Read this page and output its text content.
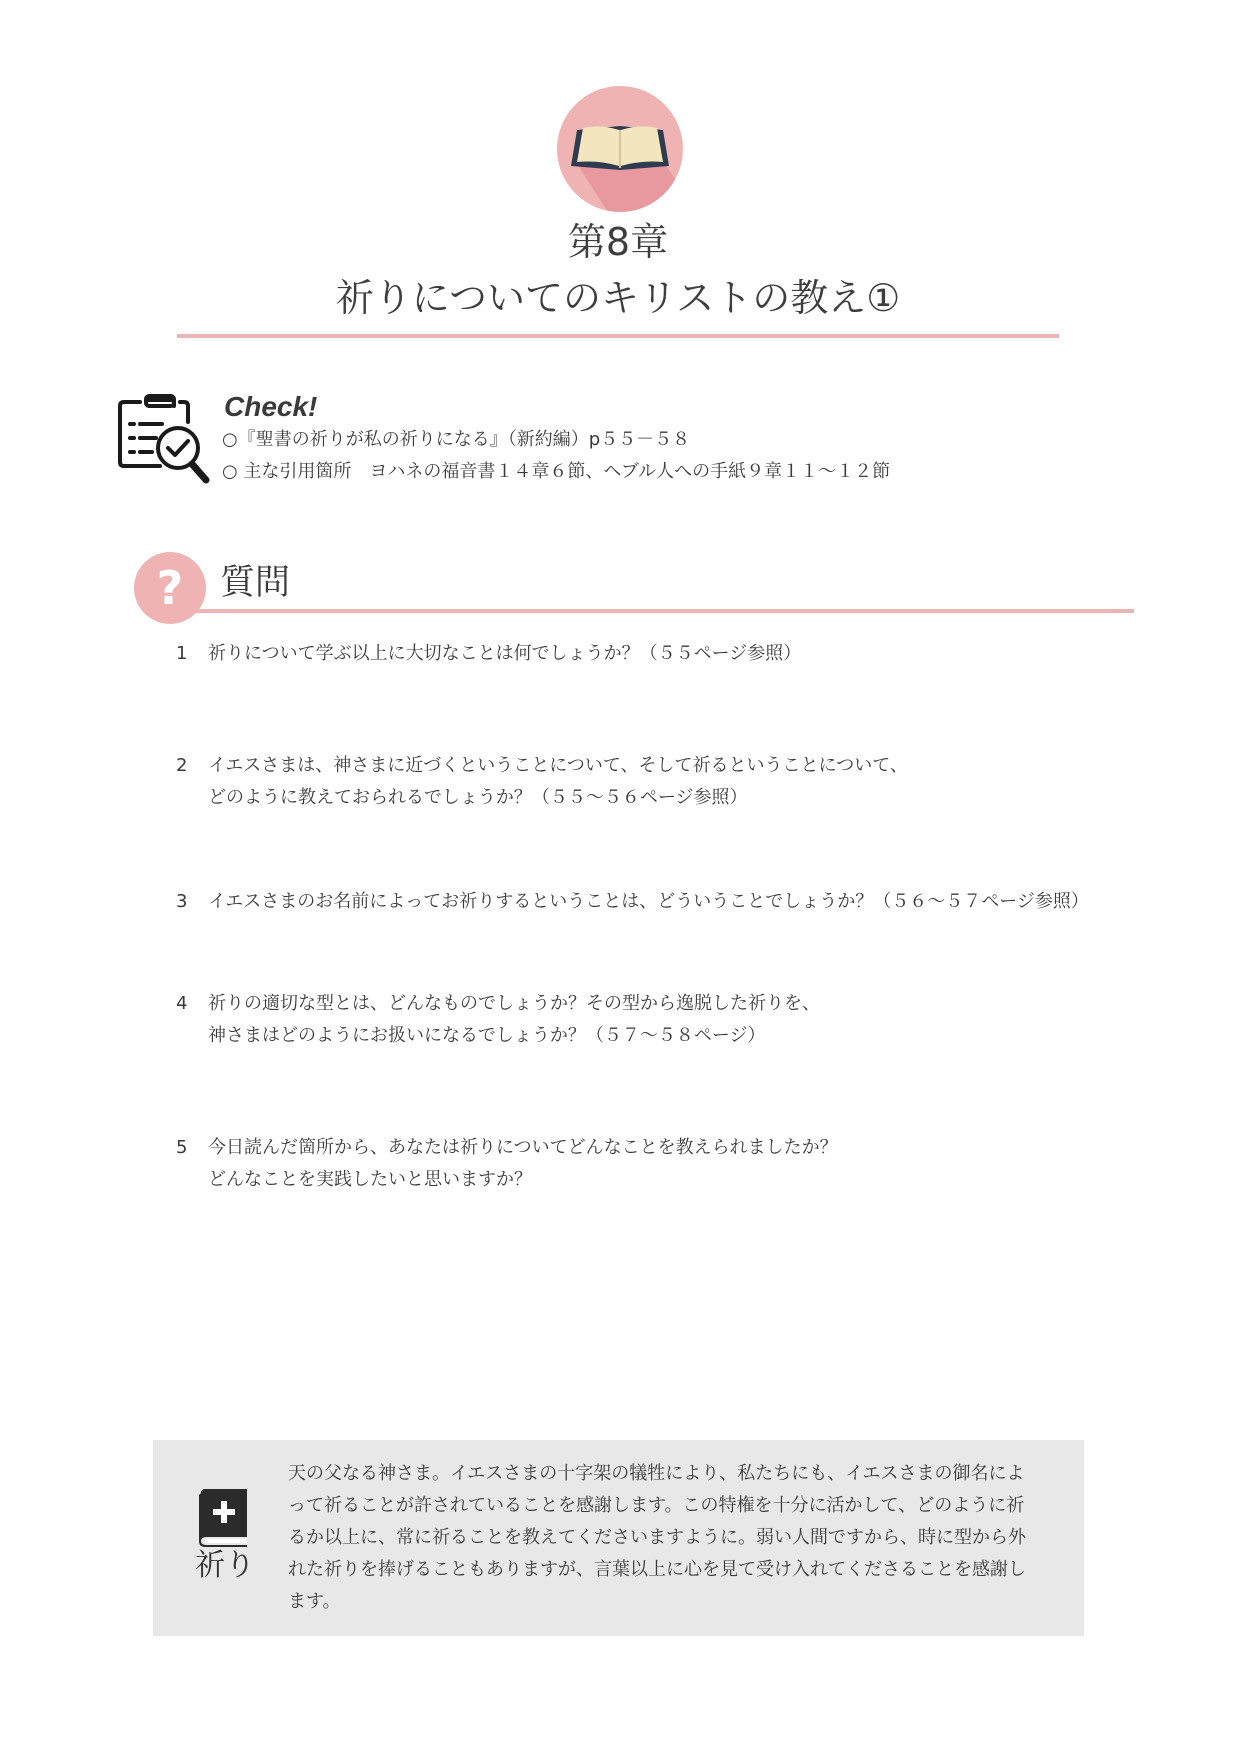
第8章
祈りについてのキリストの教え①
Check!
○『聖書の祈りが私の祈りになる』（新約編）p５５－５８
○ 主な引用箇所　ヨハネの福音書１４章６節、ヘブル人への手紙９章１１～１２節
? 質問
1	祈りについて学ぶ以上に大切なことは何でしょうか？（５５ページ参照）
2	イエスさまは、神さまに近づくということについて、そして祈るということについて、
どのように教えておられるでしょうか？（５５～５６ページ参照）
3	イエスさまのお名前によってお祈りするということは、どういうことでしょうか？（５６～５７ページ参照）
4	祈りの適切な型とは、どんなものでしょうか？その型から逸脱した祈りを、
神さまはどのようにお扱いになるでしょうか？（５７～５８ページ）
5	今日読んだ箇所から、あなたは祈りについてどんなことを教えられましたか？
どんなことを実践したいと思いますか？
祈り
天の父なる神さま。イエスさまの十字架の犠牲により、私たちにも、イエスさまの御名によ
って祈ることが許されていることを感謝します。この特権を十分に活かして、どのように祈
るか以上に、常に祈ることを教えてくださいますように。弱い人間ですから、時に型から外
れた祈りを捧げることもありますが、言葉以上に心を見て受け入れてくださることを感謝し
ます。
